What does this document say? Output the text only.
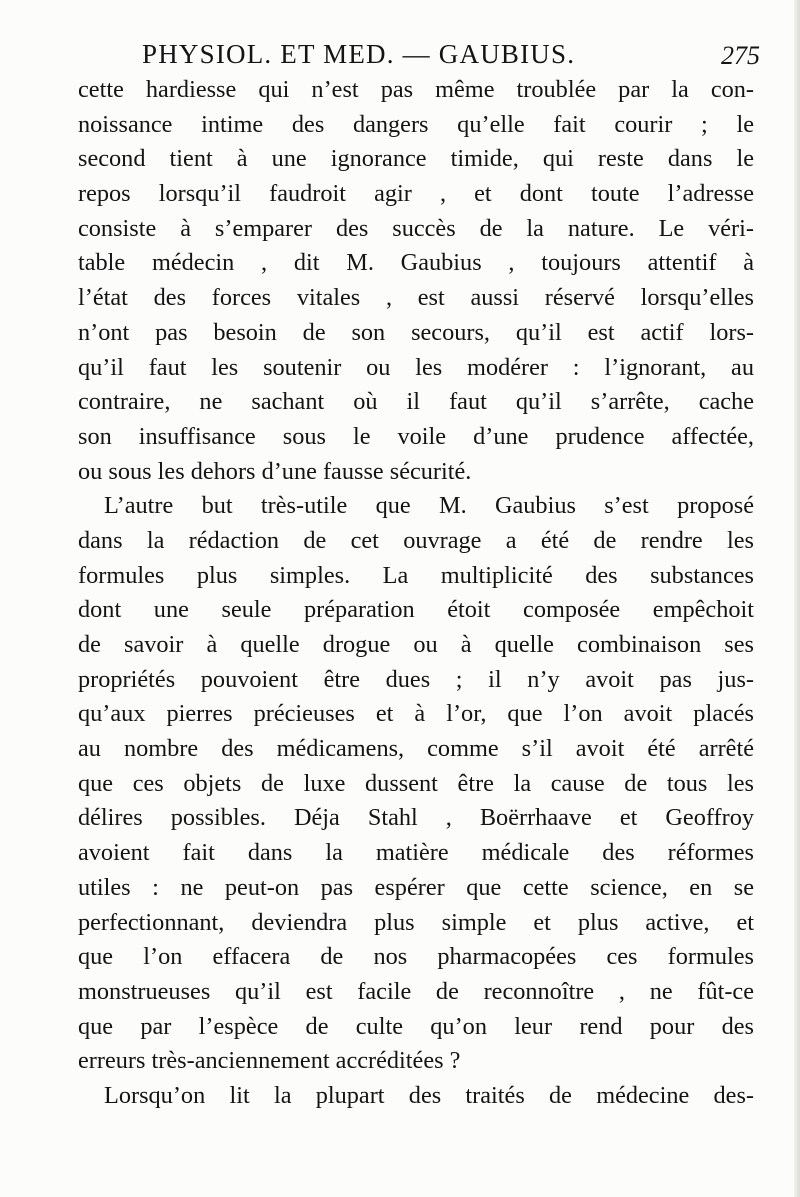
PHYSIOL. ET MED. — GAUBIUS.	275
cette hardiesse qui n’est pas même troublée par la con-
noissance intime des dangers qu’elle fait courir ; le
second tient à une ignorance timide, qui reste dans le
repos lorsqu’il faudroit agir , et dont toute l’adresse
consiste à s’emparer des succès de la nature. Le véri-
table médecin , dit M. Gaubius , toujours attentif à
l’état des forces vitales , est aussi réservé lorsqu’elles
n’ont pas besoin de son secours, qu’il est actif lors-
qu’il faut les soutenir ou les modérer : l’ignorant, au
contraire, ne sachant où il faut qu’il s’arrête, cache
son insuffisance sous le voile d’une prudence affectée,
ou sous les dehors d’une fausse sécurité.
L’autre but très-utile que M. Gaubius s’est proposé
dans la rédaction de cet ouvrage a été de rendre les
formules plus simples. La multiplicité des substances
dont une seule préparation étoit composée empêchoit
de savoir à quelle drogue ou à quelle combinaison ses
propriétés pouvoient être dues ; il n’y avoit pas jus-
qu’aux pierres précieuses et à l’or, que l’on avoit placés
au nombre des médicamens, comme s’il avoit été arrêté
que ces objets de luxe dussent être la cause de tous les
délires possibles. Déja Stahl , Boërrhaave et Geoffroy
avoient fait dans la matière médicale des réformes
utiles : ne peut-on pas espérer que cette science, en se
perfectionnant, deviendra plus simple et plus active, et
que l’on effacera de nos pharmacopées ces formules
monstrueuses qu’il est facile de reconnoître , ne fût-ce
que par l’espèce de culte qu’on leur rend pour des
erreurs très-anciennement accréditées ?
Lorsqu’on lit la plupart des traités de médecine des-
